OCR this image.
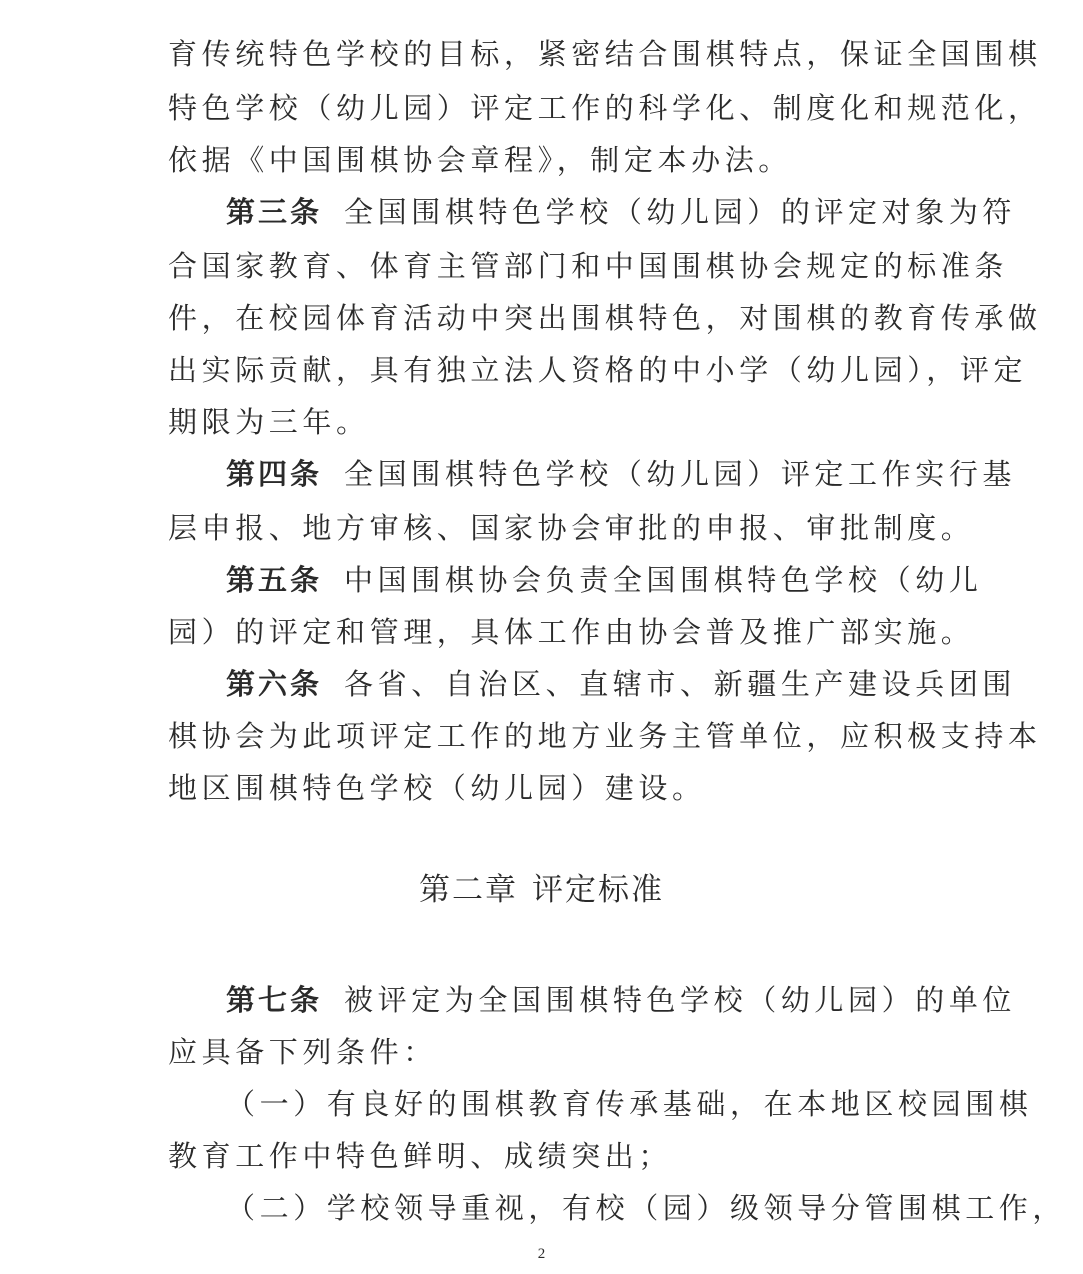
育传统特色学校的目标，紧密结合围棋特点，保证全国围棋
特色学校（幼儿园）评定工作的科学化、制度化和规范化，
依据《中国围棋协会章程》，制定本办法。
第三条 全国围棋特色学校（幼儿园）的评定对象为符
合国家教育、体育主管部门和中国围棋协会规定的标准条
件，在校园体育活动中突出围棋特色，对围棋的教育传承做
出实际贡献，具有独立法人资格的中小学（幼儿园），评定
期限为三年。
第四条 全国围棋特色学校（幼儿园）评定工作实行基
层申报、地方审核、国家协会审批的申报、审批制度。
第五条 中国围棋协会负责全国围棋特色学校（幼儿
园）的评定和管理，具体工作由协会普及推广部实施。
第六条 各省、自治区、直辖市、新疆生产建设兵团围
棋协会为此项评定工作的地方业务主管单位，应积极支持本
地区围棋特色学校（幼儿园）建设。
第二章 评定标准
第七条 被评定为全国围棋特色学校（幼儿园）的单位
应具备下列条件：
（一）有良好的围棋教育传承基础，在本地区校园围棋
教育工作中特色鲜明、成绩突出；
（二）学校领导重视，有校（园）级领导分管围棋工作，
2
